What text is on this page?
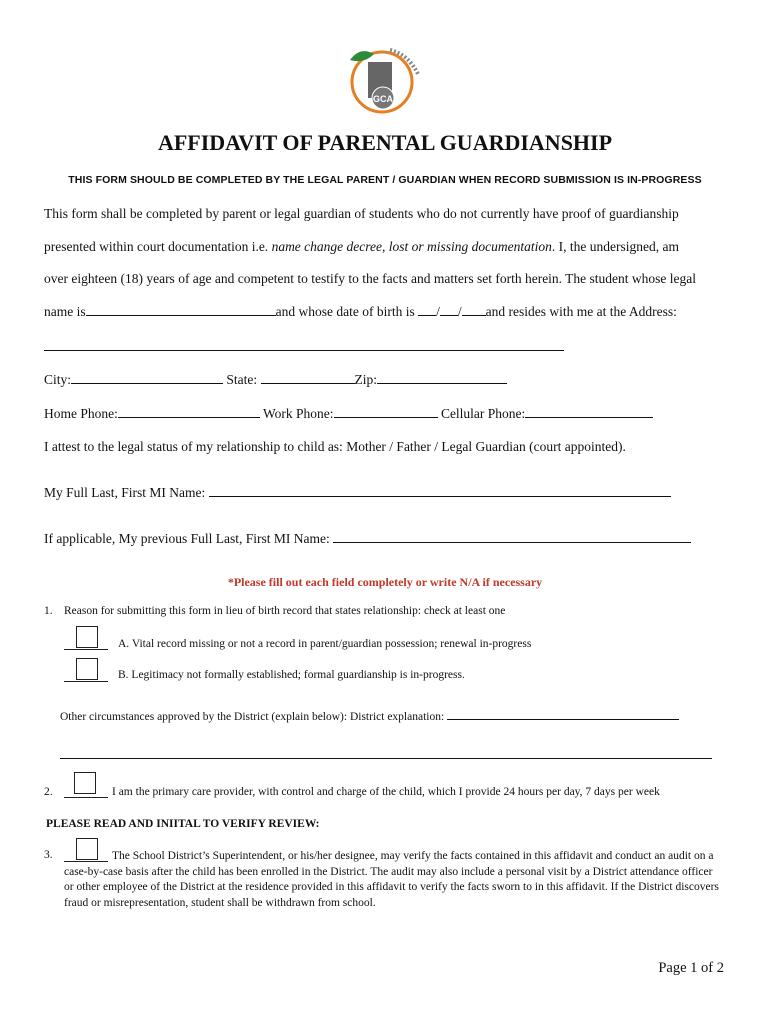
GCA
AFFIDAVIT OF PARENTAL GUARDIANSHIP
THIS FORM SHOULD BE COMPLETED BY THE LEGAL PARENT / GUARDIAN WHEN RECORD SUBMISSION IS IN-PROGRESS
This form shall be completed by parent or legal guardian of students who do not currently have proof of guardianship
presented within court documentation i.e. name change decree, lost or missing documentation. I, the undersigned, am
over eighteen (18) years of age and competent to testify to the facts and matters set forth herein. The student whose legal
name is	and whose date of birth is / / and resides with me at the Address:
City:	State:	Zip:
Home Phone:	Work Phone:	Cellular Phone:
I attest to the legal status of my relationship to child as: Mother / Father / Legal Guardian (court appointed).
My Full Last, First MI Name:
If applicable, My previous Full Last, First MI Name:
*Please fill out each field completely or write N/A if necessary
1. Reason for submitting this form in lieu of birth record that states relationship: check at least one
A. Vital record missing or not a record in parent/guardian possession; renewal in-progress
B. Legitimacy not formally established; formal guardianship is in-progress.
Other circumstances approved by the District (explain below): District explanation:
2.	I am the primary care provider, with control and charge of the child, which I provide 24 hours per day, 7 days per week
PLEASE READ AND INIITAL TO VERIFY REVIEW:
3.	The School District’s Superintendent, or his/her designee, may verify the facts contained in this affidavit and conduct an audit on a case-by-case basis after the child has been enrolled in the District. The audit may also include a personal visit by a District attendance officer or other employee of the District at the residence provided in this affidavit to verify the facts sworn to in this affidavit. If the District discovers fraud or misrepresentation, student shall be withdrawn from school.
Page 1 of 2
